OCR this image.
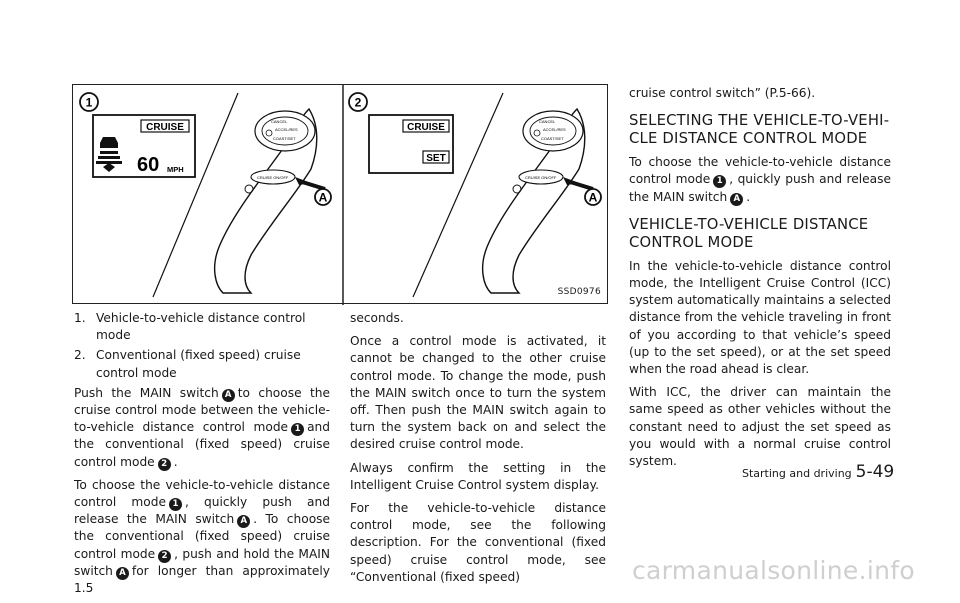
1
CRUISE
60 MPH
CANCEL
ACCEL/RES
COAST/SET
CRUISE ON/OFF
A
2
CRUISE
SET
CANCEL
ACCEL/RES
COAST/SET
CRUISE ON/OFF
A
SSD0976
1. Vehicle-to-vehicle distance control mode
2. Conventional (fixed speed) cruise control mode

Push the MAIN switch A to choose the cruise control mode between the vehicle-to-vehicle distance control mode 1 and the conventional (fixed speed) cruise control mode 2 .

To choose the vehicle-to-vehicle distance control mode 1 , quickly push and release the MAIN switch A . To choose the conventional (fixed speed) cruise control mode 2 , push and hold the MAIN switch A for longer than approximately 1.5

seconds.

Once a control mode is activated, it cannot be changed to the other cruise control mode. To change the mode, push the MAIN switch once to turn the system off. Then push the MAIN switch again to turn the system back on and select the desired cruise control mode.

Always confirm the setting in the Intelligent Cruise Control system display.

For the vehicle-to-vehicle distance control mode, see the following description. For the conventional (fixed speed) cruise control mode, see “Conventional (fixed speed)

cruise control switch” (P.5-66).

SELECTING THE VEHICLE-TO-VEHI-CLE DISTANCE CONTROL MODE

To choose the vehicle-to-vehicle distance control mode 1 , quickly push and release the MAIN switch A .

VEHICLE-TO-VEHICLE DISTANCE CONTROL MODE

In the vehicle-to-vehicle distance control mode, the Intelligent Cruise Control (ICC) system automatically maintains a selected distance from the vehicle traveling in front of you according to that vehicle’s speed (up to the set speed), or at the set speed when the road ahead is clear.

With ICC, the driver can maintain the same speed as other vehicles without the constant need to adjust the set speed as you would with a normal cruise control system.

Starting and driving 5-49
carmanualsonline.info
